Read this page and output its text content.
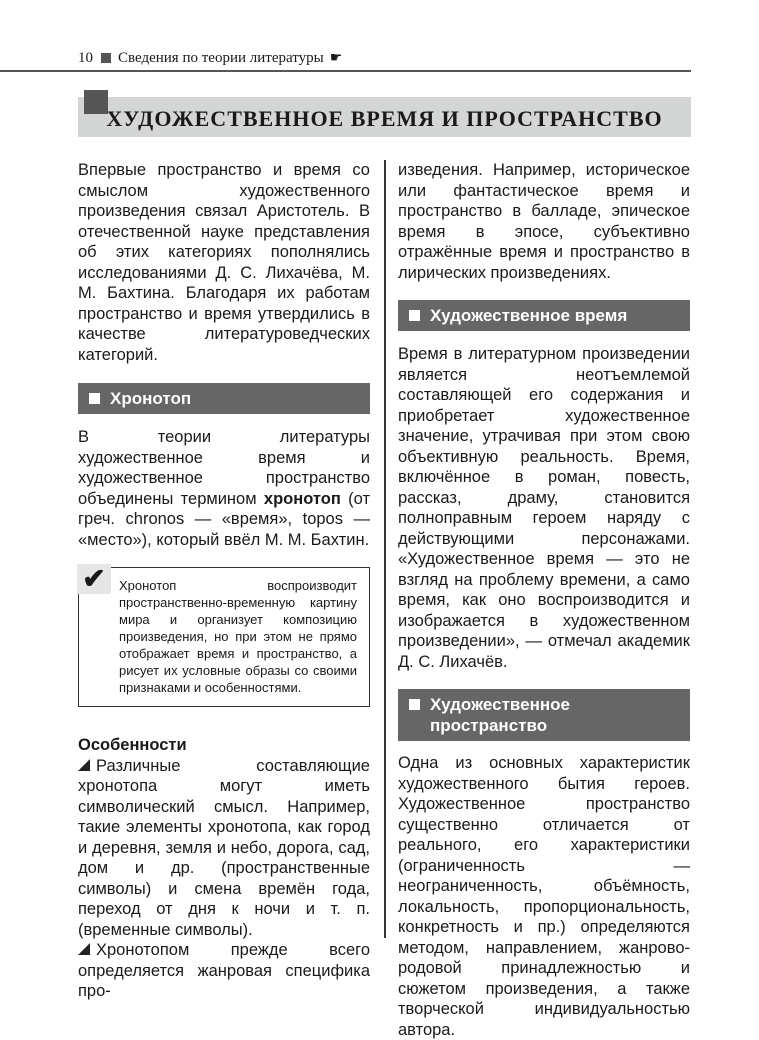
10 Сведения по теории литературы ☛
ХУДОЖЕСТВЕННОЕ ВРЕМЯ И ПРОСТРАНСТВО

Впервые пространство и время со смыслом художественного произведения связал Аристотель. В отечественной науке представления об этих категориях пополнялись исследованиями Д. С. Лихачёва, М. М. Бахтина. Благодаря их работам пространство и время утвердились в качестве литературоведческих категорий.

Хронотоп

В теории литературы художественное время и художественное пространство объединены термином хронотоп (от греч. chronos — «время», topos — «место»), который ввёл М. М. Бахтин.

✔	Хронотоп воспроизводит пространственно-временную картину мира и организует композицию произведения, но при этом не прямо отображает время и пространство, а рисует их условные образы со своими признаками и особенностями.
Особенности

Различные составляющие хронотопа могут иметь символический смысл. Например, такие элементы хронотопа, как город и деревня, земля и небо, дорога, сад, дом и др. (пространственные символы) и смена времён года, переход от дня к ночи и т. п. (временные символы).

Хронотопом прежде всего определяется жанровая специфика про-

изведения. Например, историческое или фантастическое время и пространство в балладе, эпическое время в эпосе, субъективно отражённые время и пространство в лирических произведениях.

Художественное время

Время в литературном произведении является неотъемлемой составляющей его содержания и приобретает художественное значение, утрачивая при этом свою объективную реальность. Время, включённое в роман, повесть, рассказ, драму, становится полноправным героем наряду с действующими персонажами. «Художественное время — это не взгляд на проблему времени, а само время, как оно воспроизводится и изображается в художественном произведении», — отмечал академик Д. С. Лихачёв.

Художественное пространство

Одна из основных характеристик художественного бытия героев. Художественное пространство существенно отличается от реального, его характеристики (ограниченность — неограниченность, объёмность, локальность, пропорциональность, конкретность и пр.) определяются методом, направлением, жанрово-родовой принадлежностью и сюжетом произведения, а также творческой индивидуальностью автора.
